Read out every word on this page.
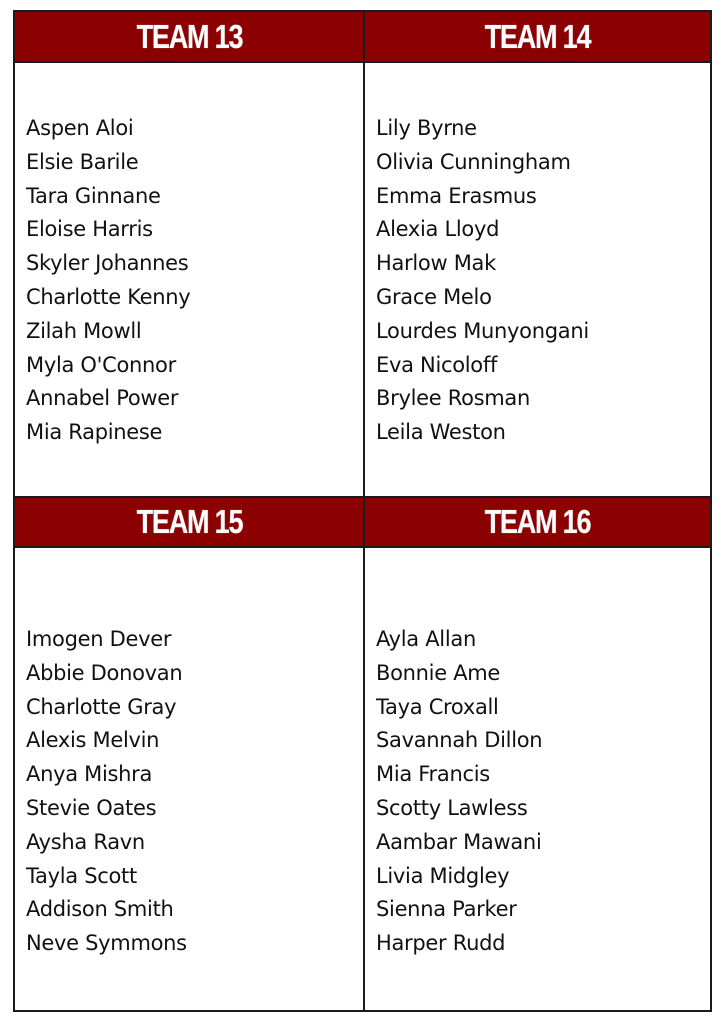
TEAM 13
Aspen Aloi
Elsie Barile
Tara Ginnane
Eloise Harris
Skyler Johannes
Charlotte Kenny
Zilah Mowll
Myla O'Connor
Annabel Power
Mia Rapinese
TEAM 14
Lily Byrne
Olivia Cunningham
Emma Erasmus
Alexia Lloyd
Harlow Mak
Grace Melo
Lourdes Munyongani
Eva Nicoloff
Brylee Rosman
Leila Weston
TEAM 15
Imogen Dever
Abbie Donovan
Charlotte Gray
Alexis Melvin
Anya Mishra
Stevie Oates
Aysha Ravn
Tayla Scott
Addison Smith
Neve Symmons
TEAM 16
Ayla Allan
Bonnie Ame
Taya Croxall
Savannah Dillon
Mia Francis
Scotty Lawless
Aambar Mawani
Livia Midgley
Sienna Parker
Harper Rudd
